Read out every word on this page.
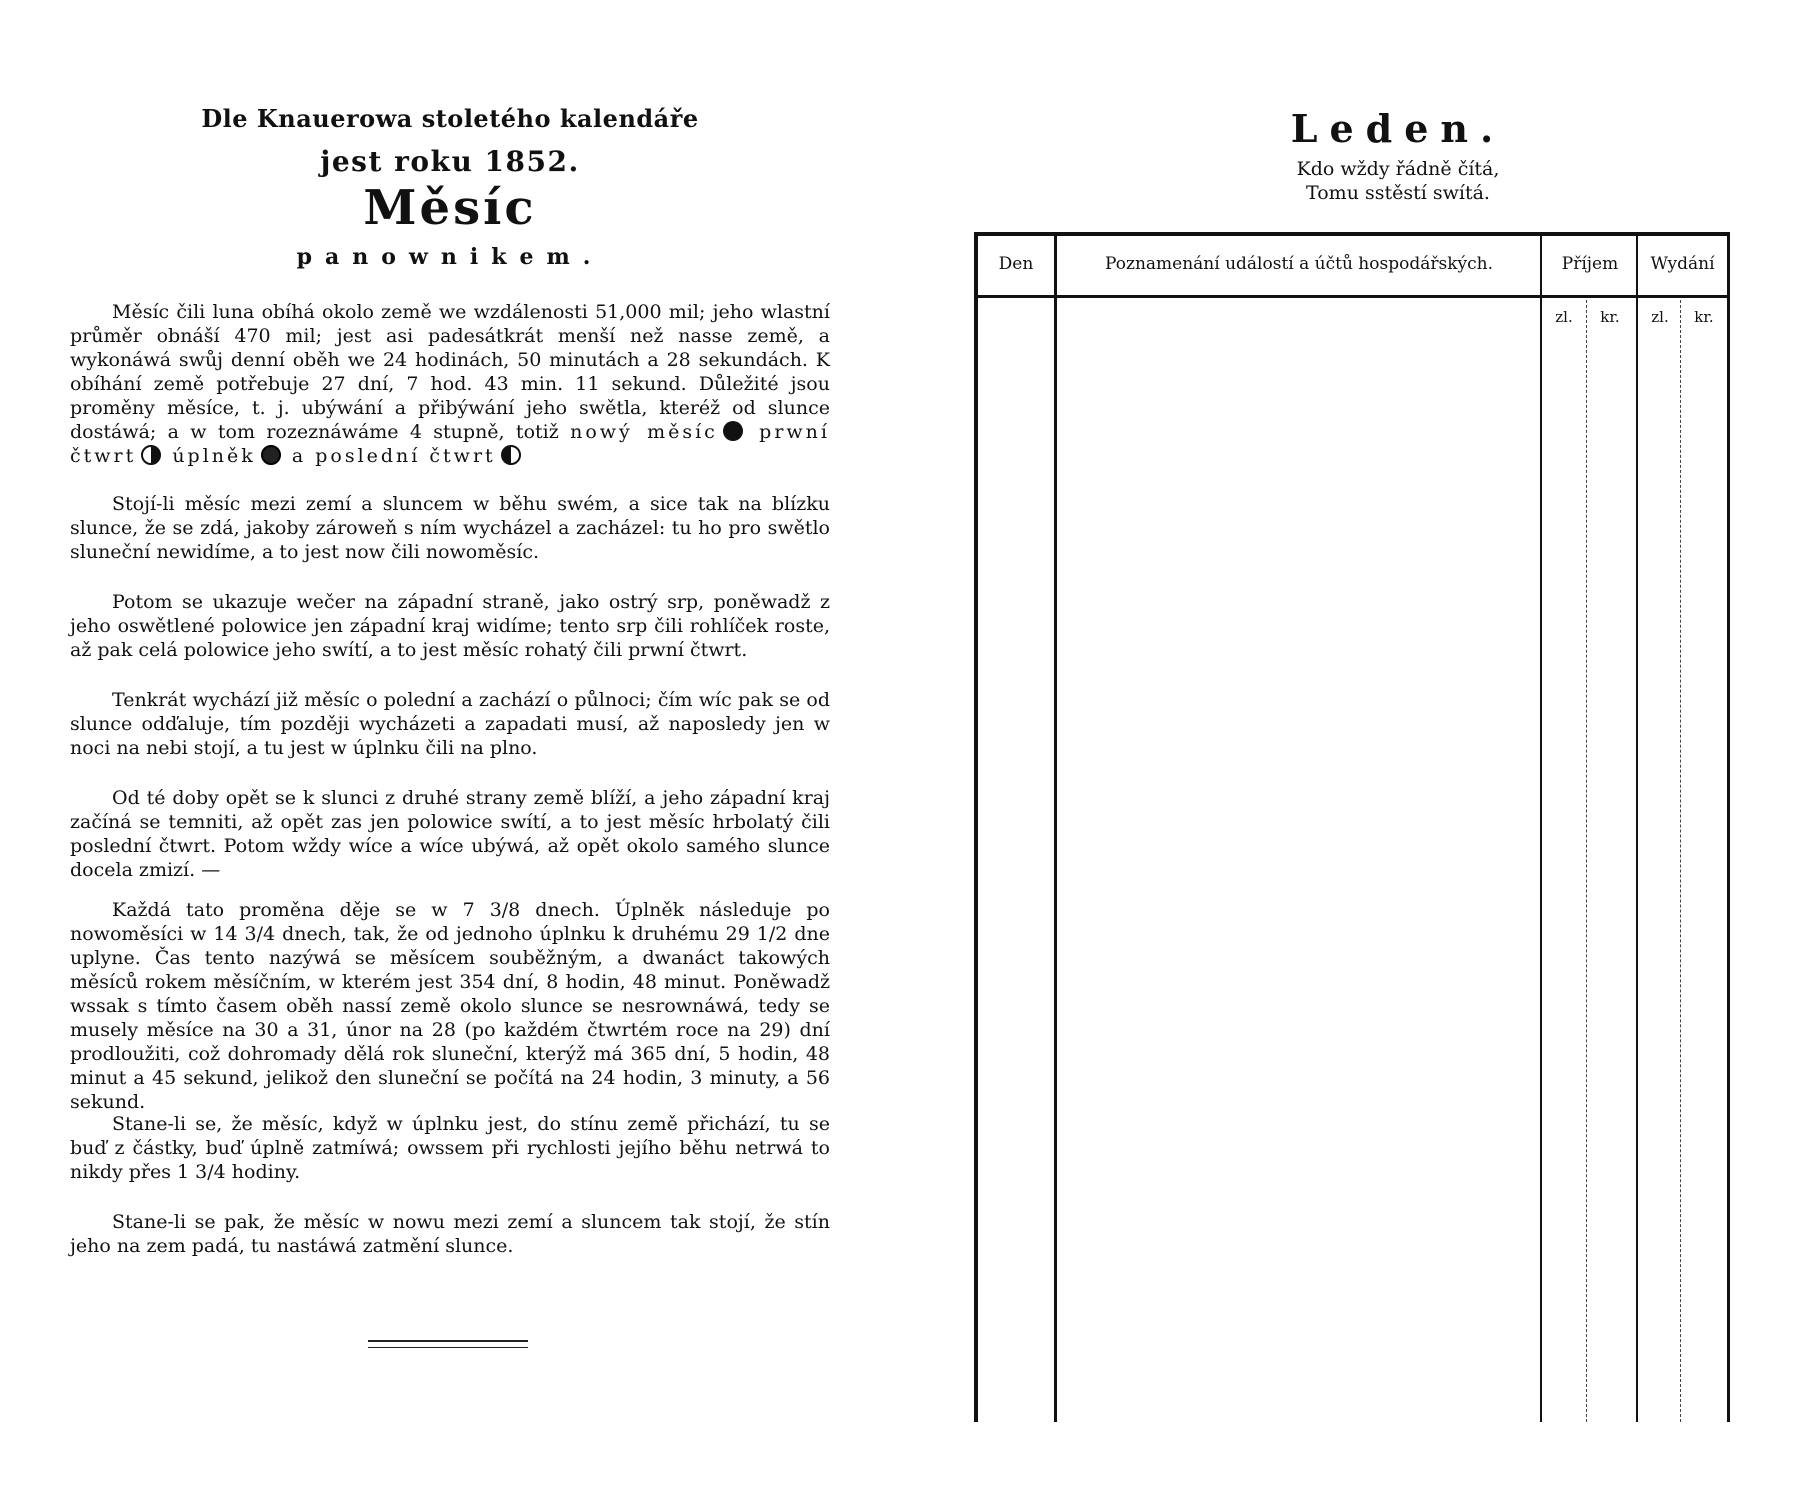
Dle Knauerowa stoletého kalendáře
jest roku 1852.
Měsíc
panownikem.

Měsíc čili luna obíhá okolo země we wzdálenosti 51,000 mil; jeho wlastní průměr obnáší 470 mil; jest asi padesátkrát menší než nasse země, a wykonáwá swůj denní oběh we 24 hodinách, 50 minutách a 28 sekundách. K obíhání země potřebuje 27 dní, 7 hod. 43 min. 11 sekund. Důležité jsou proměny měsíce, t. j. ubýwání a přibýwání jeho swětla, kteréž od slunce dostáwá; a w tom rozeznáwáme 4 stupně, totiž nowý měsíc prwní čtwrt úplněk a poslední čtwrt

Stojí-li měsíc mezi zemí a sluncem w běhu swém, a sice tak na blízku slunce, že se zdá, jakoby zároweň s ním wycházel a zacházel: tu ho pro swětlo sluneční newidíme, a to jest now čili nowoměsíc.

Potom se ukazuje wečer na západní straně, jako ostrý srp, poněwadž z jeho oswětlené polowice jen západní kraj widíme; tento srp čili rohlíček roste, až pak celá polowice jeho swítí, a to jest měsíc rohatý čili prwní čtwrt.

Tenkrát wychází již měsíc o polední a zachází o půlnoci; čím wíc pak se od slunce odďaluje, tím později wycházeti a zapadati musí, až naposledy jen w noci na nebi stojí, a tu jest w úplnku čili na plno.

Od té doby opět se k slunci z druhé strany země blíží, a jeho západní kraj začíná se temniti, až opět zas jen polowice swítí, a to jest měsíc hrbolatý čili poslední čtwrt. Potom wždy wíce a wíce ubýwá, až opět okolo samého slunce docela zmizí. —

Každá tato proměna děje se w 7 3/8 dnech. Úplněk následuje po nowoměsíci w 14 3/4 dnech, tak, že od jednoho úplnku k druhému 29 1/2 dne uplyne. Čas tento nazýwá se měsícem souběžným, a dwanáct takowých měsíců rokem měsíčním, w kterém jest 354 dní, 8 hodin, 48 minut. Poněwadž wssak s tímto časem oběh nassí země okolo slunce se nesrownáwá, tedy se musely měsíce na 30 a 31, únor na 28 (po každém čtwrtém roce na 29) dní prodloužiti, což dohromady dělá rok sluneční, kterýž má 365 dní, 5 hodin, 48 minut a 45 sekund, jelikož den sluneční se počítá na 24 hodin, 3 minuty, a 56 sekund.

Stane-li se, že měsíc, když w úplnku jest, do stínu země přichází, tu se buď z částky, buď úplně zatmíwá; owssem při rychlosti jejího běhu netrwá to nikdy přes 1 3/4 hodiny.

Stane-li se pak, že měsíc w nowu mezi zemí a sluncem tak stojí, že stín jeho na zem padá, tu nastáwá zatmění slunce.

Leden.
Kdo wždy řádně čítá,
Tomu sstěstí swítá.
Den	Poznamenání událostí a účtů hospodářských.	Příjem	Wydání
zl.	kr.	zl.	kr.
